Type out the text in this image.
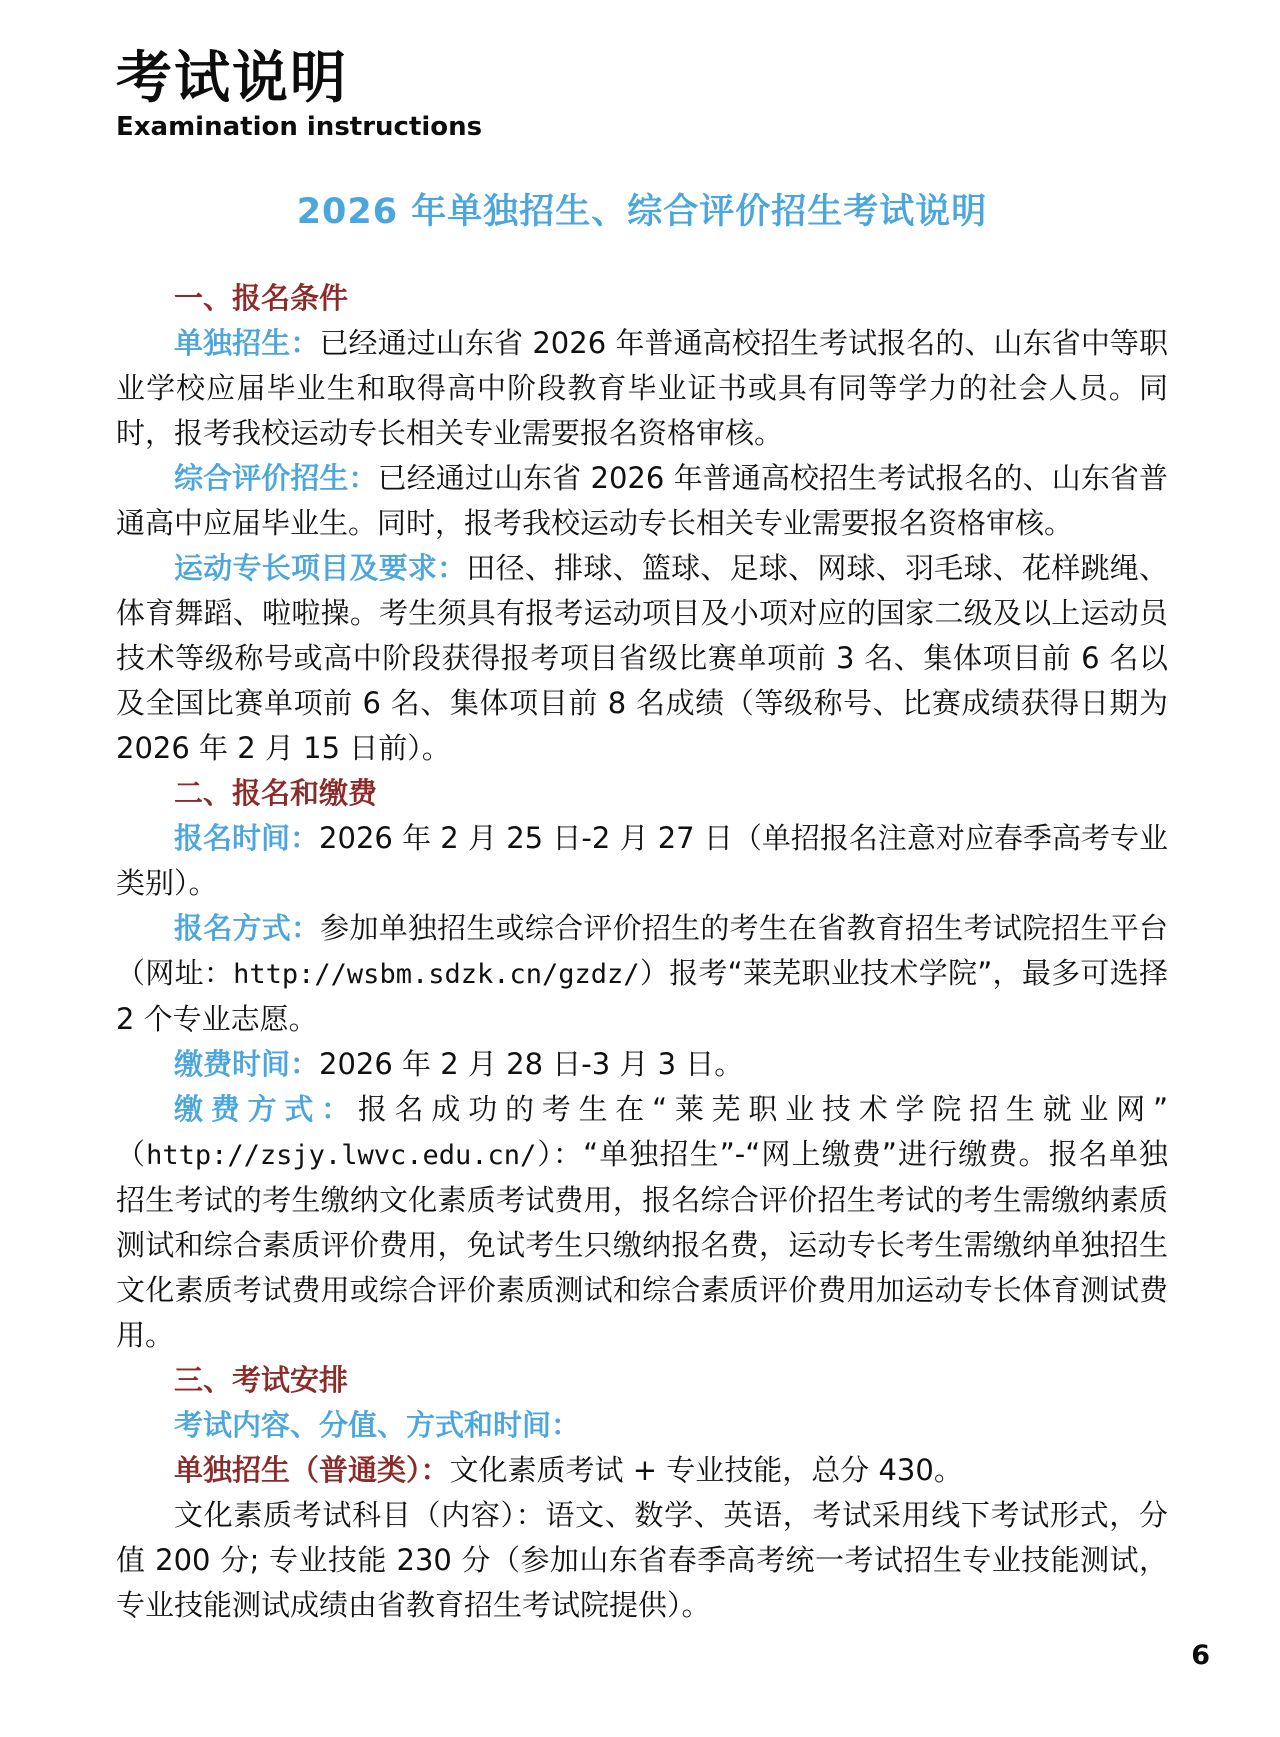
考试说明
Examination instructions
2026 年单独招生、综合评价招生考试说明

一、报名条件

单独招生：已经通过山东省 2026 年普通高校招生考试报名的、山东省中等职业学校应届毕业生和取得高中阶段教育毕业证书或具有同等学力的社会人员。同时，报考我校运动专长相关专业需要报名资格审核。

综合评价招生：已经通过山东省 2026 年普通高校招生考试报名的、山东省普通高中应届毕业生。同时，报考我校运动专长相关专业需要报名资格审核。

运动专长项目及要求：田径、排球、篮球、足球、网球、羽毛球、花样跳绳、体育舞蹈、啦啦操。考生须具有报考运动项目及小项对应的国家二级及以上运动员技术等级称号或高中阶段获得报考项目省级比赛单项前 3 名、集体项目前 6 名以及全国比赛单项前 6 名、集体项目前 8 名成绩（等级称号、比赛成绩获得日期为 2026 年 2 月 15 日前）。

二、报名和缴费

报名时间：2026 年 2 月 25 日-2 月 27 日（单招报名注意对应春季高考专业类别）。

报名方式：参加单独招生或综合评价招生的考生在省教育招生考试院招生平台（网址：http://wsbm.sdzk.cn/gzdz/）报考“莱芜职业技术学院”，最多可选择 2 个专业志愿。

缴费时间：2026 年 2 月 28 日-3 月 3 日。

缴费方式：报名成功的考生在“莱芜职业技术学院招生就业网”（http://zsjy.lwvc.edu.cn/）：“单独招生”-“网上缴费”进行缴费。报名单独招生考试的考生缴纳文化素质考试费用，报名综合评价招生考试的考生需缴纳素质测试和综合素质评价费用，免试考生只缴纳报名费，运动专长考生需缴纳单独招生文化素质考试费用或综合评价素质测试和综合素质评价费用加运动专长体育测试费用。

三、考试安排

考试内容、分值、方式和时间：

单独招生（普通类）：文化素质考试 + 专业技能，总分 430。

文化素质考试科目（内容）：语文、数学、英语，考试采用线下考试形式，分值 200 分; 专业技能 230 分（参加山东省春季高考统一考试招生专业技能测试，专业技能测试成绩由省教育招生考试院提供）。

6
